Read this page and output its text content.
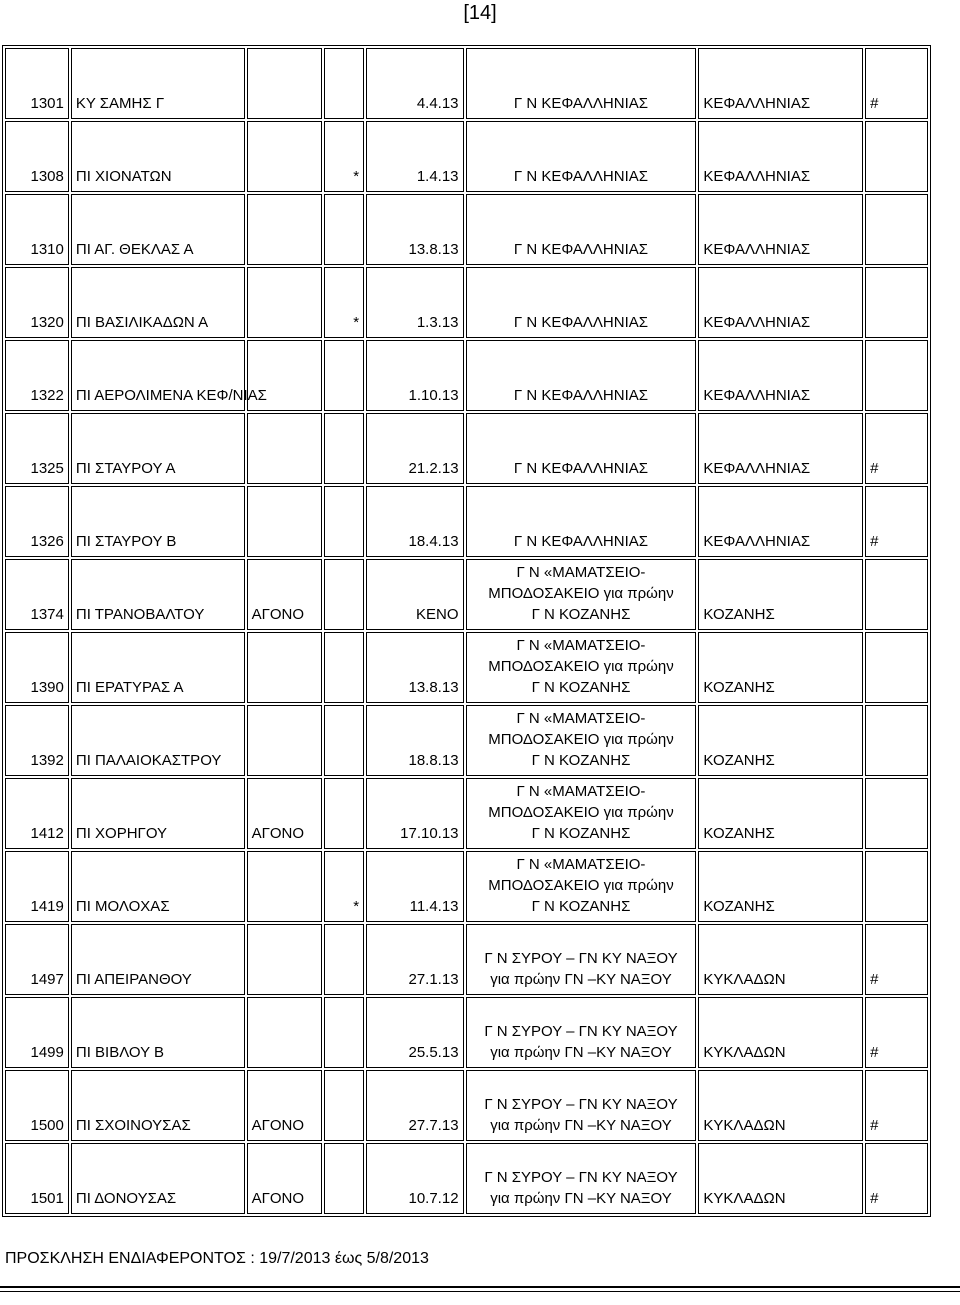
[14]
1301	ΚΥ ΣΑΜΗΣ Γ			4.4.13	Γ Ν ΚΕΦΑΛΛΗΝΙΑΣ	ΚΕΦΑΛΛΗΝΙΑΣ	#
1308	ΠΙ ΧΙΟΝΑΤΩΝ		*	1.4.13	Γ Ν ΚΕΦΑΛΛΗΝΙΑΣ	ΚΕΦΑΛΛΗΝΙΑΣ	
1310	ΠΙ ΑΓ. ΘΕΚΛΑΣ Α			13.8.13	Γ Ν ΚΕΦΑΛΛΗΝΙΑΣ	ΚΕΦΑΛΛΗΝΙΑΣ	
1320	ΠΙ ΒΑΣΙΛΙΚΑΔΩΝ Α		*	1.3.13	Γ Ν ΚΕΦΑΛΛΗΝΙΑΣ	ΚΕΦΑΛΛΗΝΙΑΣ	
1322	ΠΙ ΑΕΡΟΛΙΜΕΝΑ ΚΕΦ/ΝΙΑΣ			1.10.13	Γ Ν ΚΕΦΑΛΛΗΝΙΑΣ	ΚΕΦΑΛΛΗΝΙΑΣ	
1325	ΠΙ ΣΤΑΥΡΟΥ Α			21.2.13	Γ Ν ΚΕΦΑΛΛΗΝΙΑΣ	ΚΕΦΑΛΛΗΝΙΑΣ	#
1326	ΠΙ ΣΤΑΥΡΟΥ Β			18.4.13	Γ Ν ΚΕΦΑΛΛΗΝΙΑΣ	ΚΕΦΑΛΛΗΝΙΑΣ	#
1374	ΠΙ ΤΡΑΝΟΒΑΛΤΟΥ	ΑΓΟΝΟ		ΚΕΝΟ	Γ Ν «ΜΑΜΑΤΣΕΙΟ-
ΜΠΟΔΟΣΑΚΕΙΟ για πρώην
Γ Ν ΚΟΖΑΝΗΣ	ΚΟΖΑΝΗΣ	
1390	ΠΙ ΕΡΑΤΥΡΑΣ Α			13.8.13	Γ Ν «ΜΑΜΑΤΣΕΙΟ-
ΜΠΟΔΟΣΑΚΕΙΟ για πρώην
Γ Ν ΚΟΖΑΝΗΣ	ΚΟΖΑΝΗΣ	
1392	ΠΙ ΠΑΛΑΙΟΚΑΣΤΡΟΥ			18.8.13	Γ Ν «ΜΑΜΑΤΣΕΙΟ-
ΜΠΟΔΟΣΑΚΕΙΟ για πρώην
Γ Ν ΚΟΖΑΝΗΣ	ΚΟΖΑΝΗΣ	
1412	ΠΙ ΧΟΡΗΓΟΥ	ΑΓΟΝΟ		17.10.13	Γ Ν «ΜΑΜΑΤΣΕΙΟ-
ΜΠΟΔΟΣΑΚΕΙΟ για πρώην
Γ Ν ΚΟΖΑΝΗΣ	ΚΟΖΑΝΗΣ	
1419	ΠΙ ΜΟΛΟΧΑΣ		*	11.4.13	Γ Ν «ΜΑΜΑΤΣΕΙΟ-
ΜΠΟΔΟΣΑΚΕΙΟ για πρώην
Γ Ν ΚΟΖΑΝΗΣ	ΚΟΖΑΝΗΣ	
1497	ΠΙ ΑΠΕΙΡΑΝΘΟΥ			27.1.13	Γ Ν ΣΥΡΟΥ – ΓΝ ΚΥ ΝΑΞΟΥ
για πρώην ΓΝ –ΚΥ ΝΑΞΟΥ	ΚΥΚΛΑΔΩΝ	#
1499	ΠΙ ΒΙΒΛΟΥ Β			25.5.13	Γ Ν ΣΥΡΟΥ – ΓΝ ΚΥ ΝΑΞΟΥ
για πρώην ΓΝ –ΚΥ ΝΑΞΟΥ	ΚΥΚΛΑΔΩΝ	#
1500	ΠΙ ΣΧΟΙΝΟΥΣΑΣ	ΑΓΟΝΟ		27.7.13	Γ Ν ΣΥΡΟΥ – ΓΝ ΚΥ ΝΑΞΟΥ
για πρώην ΓΝ –ΚΥ ΝΑΞΟΥ	ΚΥΚΛΑΔΩΝ	#
1501	ΠΙ ΔΟΝΟΥΣΑΣ	ΑΓΟΝΟ		10.7.12	Γ Ν ΣΥΡΟΥ – ΓΝ ΚΥ ΝΑΞΟΥ
για πρώην ΓΝ –ΚΥ ΝΑΞΟΥ	ΚΥΚΛΑΔΩΝ	#
ΠΡΟΣΚΛΗΣΗ ΕΝΔΙΑΦΕΡΟΝΤΟΣ : 19/7/2013 έως 5/8/2013
